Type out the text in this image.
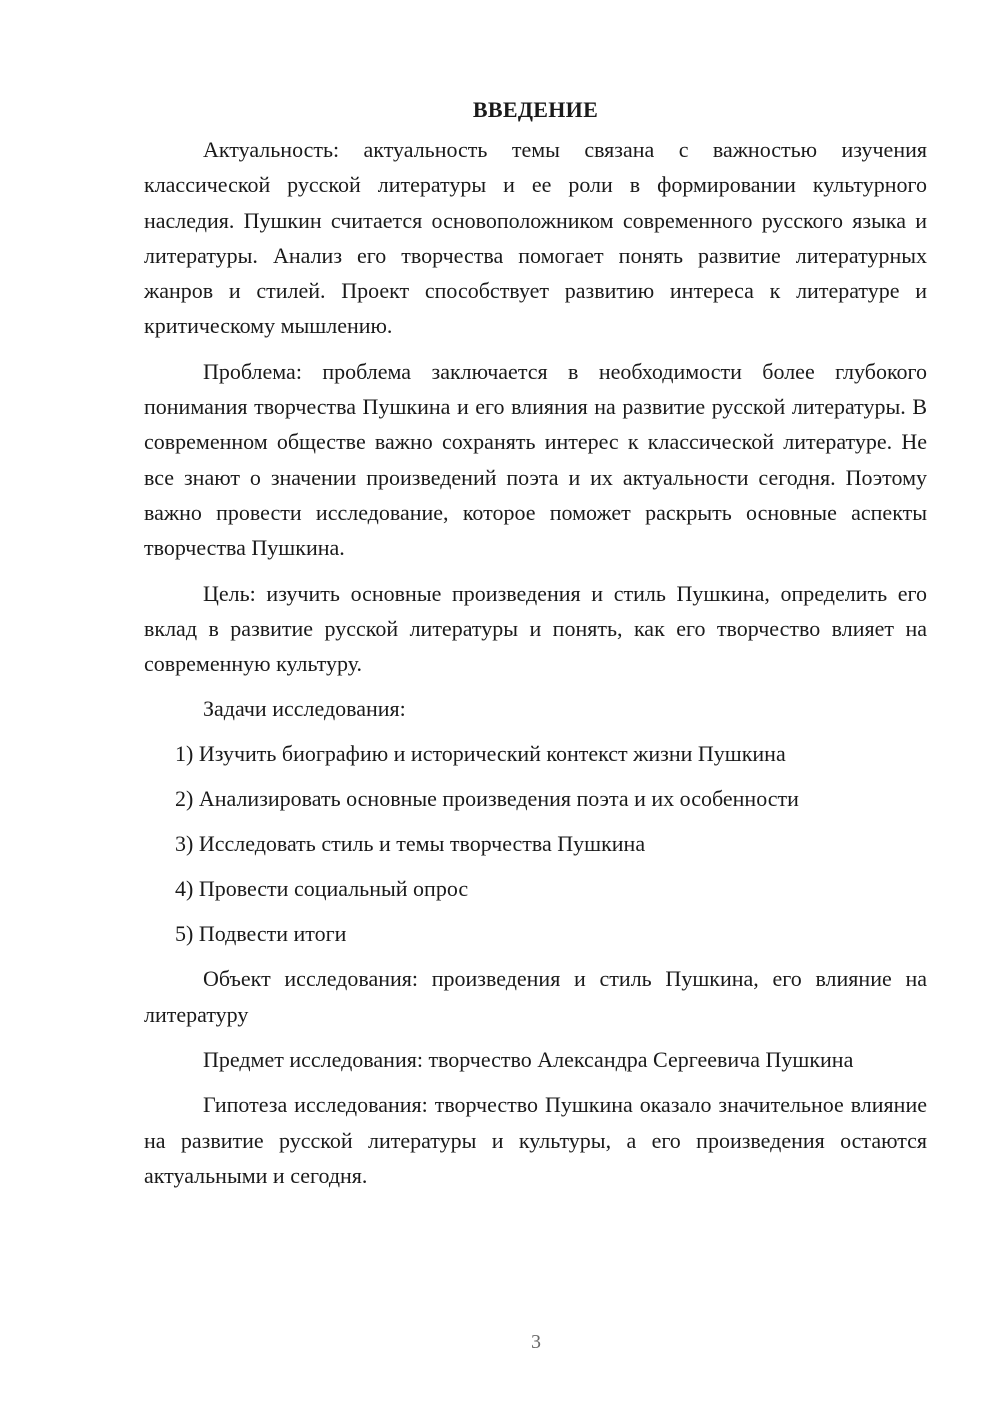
ВВЕДЕНИЕ

Актуальность: актуальность темы связана с важностью изучения классической русской литературы и ее роли в формировании культурного наследия. Пушкин считается основоположником современного русского языка и литературы. Анализ его творчества помогает понять развитие литературных жанров и стилей. Проект способствует развитию интереса к литературе и критическому мышлению.

Проблема: проблема заключается в необходимости более глубокого понимания творчества Пушкина и его влияния на развитие русской литературы. В современном обществе важно сохранять интерес к классической литературе. Не все знают о значении произведений поэта и их актуальности сегодня. Поэтому важно провести исследование, которое поможет раскрыть основные аспекты творчества Пушкина.

Цель: изучить основные произведения и стиль Пушкина, определить его вклад в развитие русской литературы и понять, как его творчество влияет на современную культуру.

Задачи исследования:

1) Изучить биографию и исторический контекст жизни Пушкина
2) Анализировать основные произведения поэта и их особенности
3) Исследовать стиль и темы творчества Пушкина
4) Провести социальный опрос
5) Подвести итоги

Объект исследования: произведения и стиль Пушкина, его влияние на литературу

Предмет исследования: творчество Александра Сергеевича Пушкина

Гипотеза исследования: творчество Пушкина оказало значительное влияние на развитие русской литературы и культуры, а его произведения остаются актуальными и сегодня.

3
